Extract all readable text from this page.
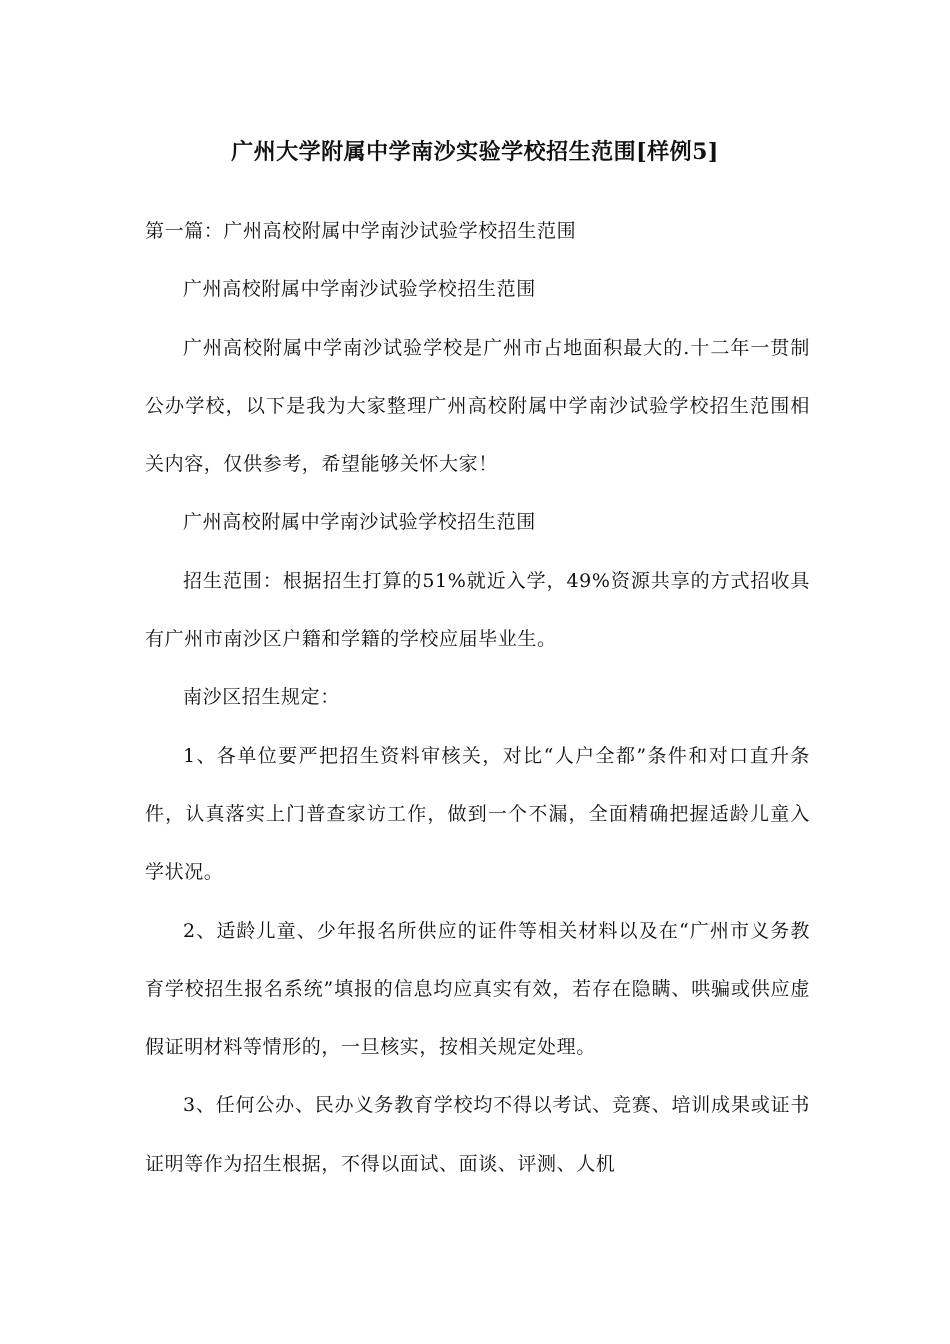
广州大学附属中学南沙实验学校招生范围[样例5]

第一篇：广州高校附属中学南沙试验学校招生范围

广州高校附属中学南沙试验学校招生范围

广州高校附属中学南沙试验学校是广州市占地面积最大的.十二年一贯制公办学校，以下是我为大家整理广州高校附属中学南沙试验学校招生范围相关内容，仅供参考，希望能够关怀大家！

广州高校附属中学南沙试验学校招生范围

招生范围：根据招生打算的51%就近入学，49%资源共享的方式招收具有广州市南沙区户籍和学籍的学校应届毕业生。

南沙区招生规定：

1、各单位要严把招生资料审核关，对比“人户全都”条件和对口直升条件，认真落实上门普查家访工作，做到一个不漏，全面精确把握适龄儿童入学状况。

2、适龄儿童、少年报名所供应的证件等相关材料以及在“广州市义务教育学校招生报名系统”填报的信息均应真实有效，若存在隐瞒、哄骗或供应虚假证明材料等情形的，一旦核实，按相关规定处理。

3、任何公办、民办义务教育学校均不得以考试、竞赛、培训成果或证书证明等作为招生根据，不得以面试、面谈、评测、人机
